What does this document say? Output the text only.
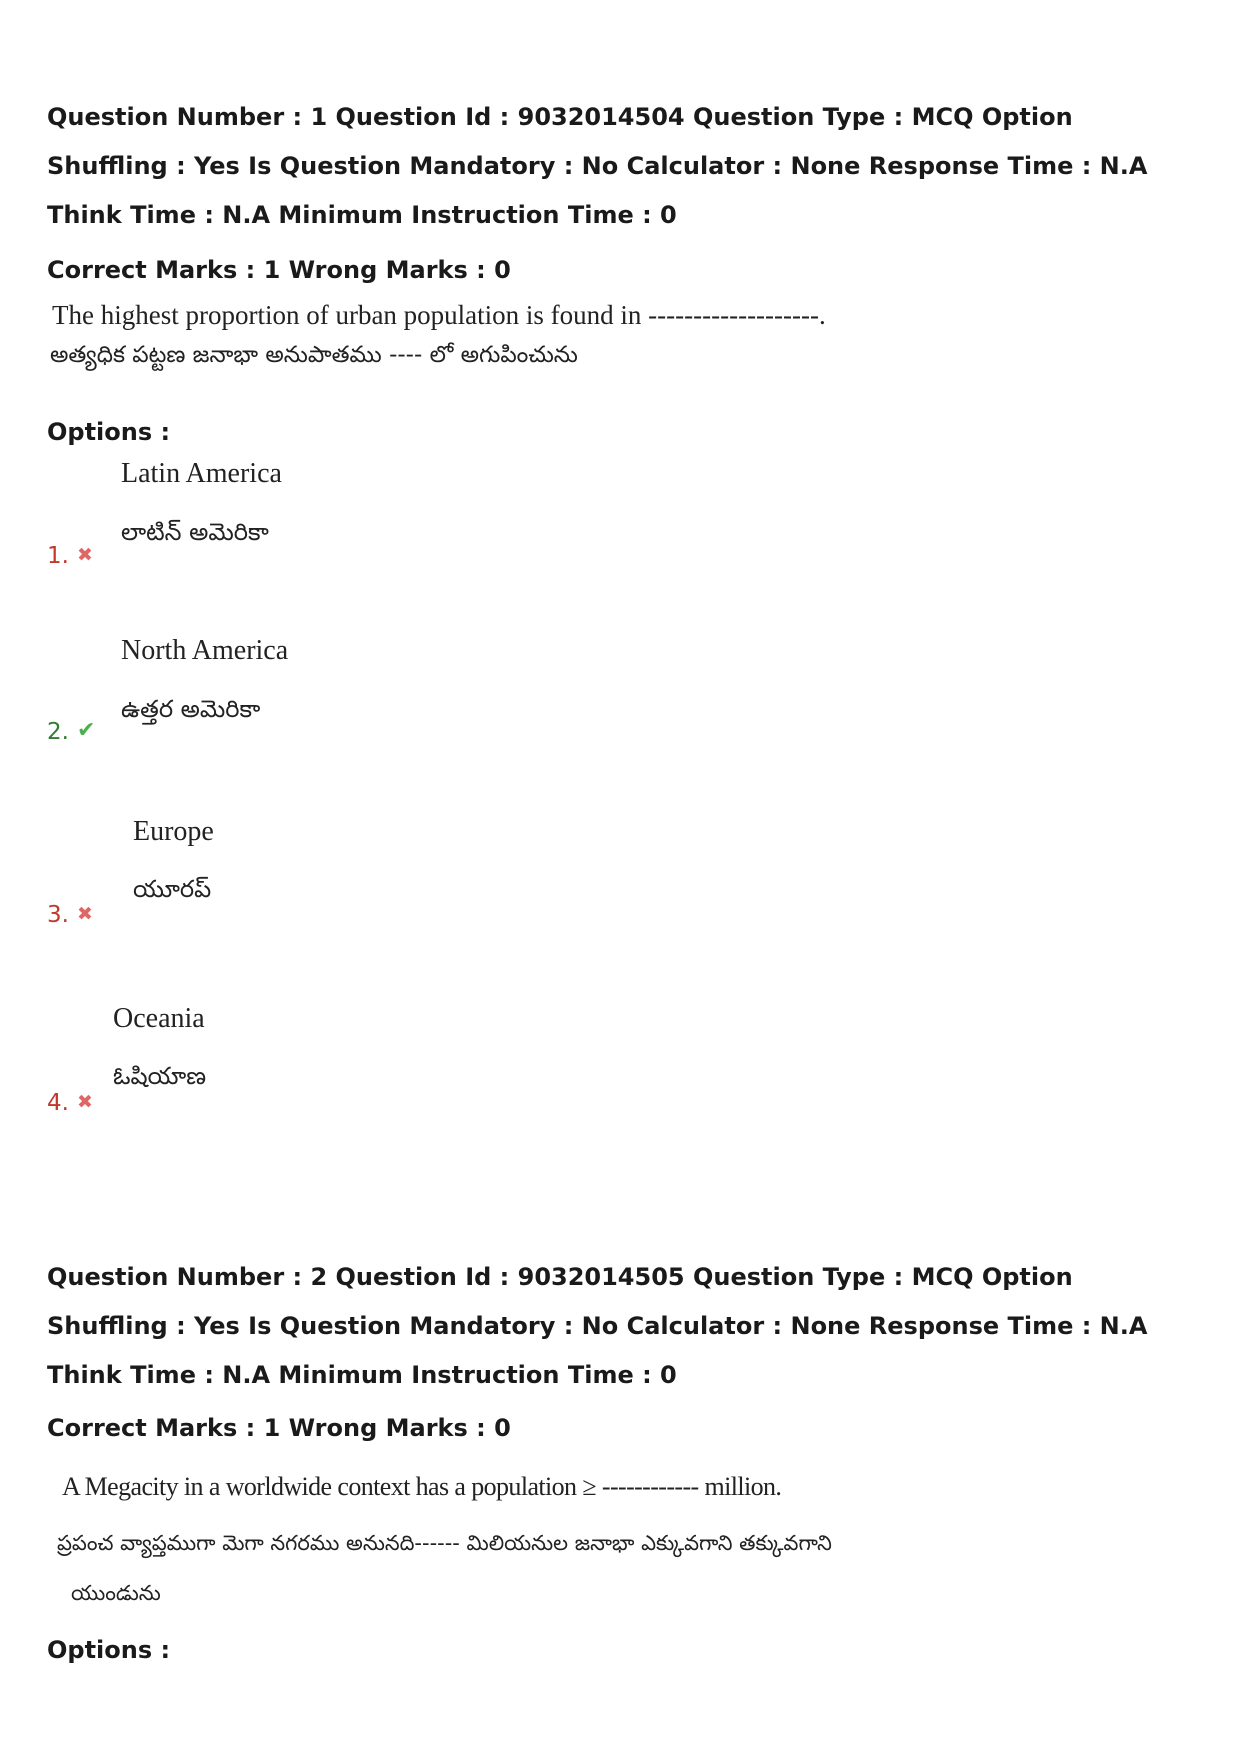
Question Number : 1 Question Id : 9032014504 Question Type : MCQ Option Shuffling : Yes Is Question Mandatory : No Calculator : None Response Time : N.A Think Time : N.A Minimum Instruction Time : 0

Correct Marks : 1 Wrong Marks : 0
The highest proportion of urban population is found in -------------------.
అత్యధిక పట్టణ జనాభా అనుపాతము ---- లో అగుపించును
Options :
Latin America
లాటిన్ అమెరికా
1. ✖
North America
ఉత్తర అమెరికా
2. ✔
Europe
యూరప్
3. ✖
Oceania
ఓషియాణ
4. ✖

Question Number : 2 Question Id : 9032014505 Question Type : MCQ Option Shuffling : Yes Is Question Mandatory : No Calculator : None Response Time : N.A Think Time : N.A Minimum Instruction Time : 0

Correct Marks : 1 Wrong Marks : 0
A Megacity in a worldwide context has a population ≥ ------------ million.
ప్రపంచ వ్యాప్తముగా మెగా నగరము అనునది------ మిలియనుల జనాభా ఎక్కువగాని తక్కువగాని
యుండును
Options :
